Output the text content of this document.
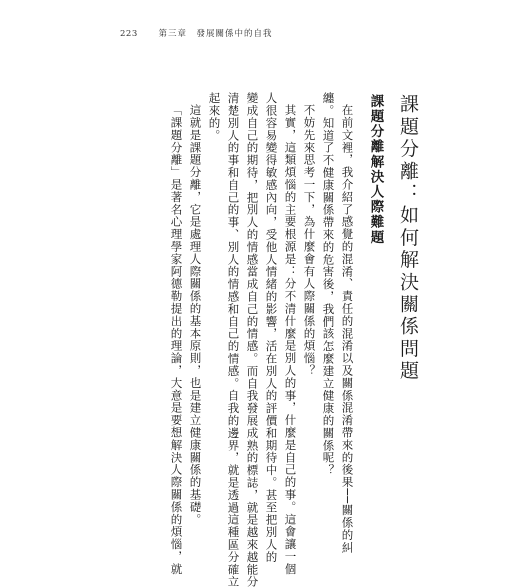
223 第三章　發展關係中的自我
課題分離：如何解決關係問題
課題分離解決人際難題
在前文裡，我介紹了感覺的混淆、責任的混淆以及關係混淆帶來的後果──關係的糾
纏。知道了不健康關係帶來的危害後，我們該怎麼建立健康的關係呢？
不妨先來思考一下，為什麼會有人際關係的煩惱？
其實，這類煩惱的主要根源是：分不清什麼是別人的事，什麼是自己的事。這會讓一個
人很容易變得敏感內向，受他人情緒的影響，活在別人的評價和期待中。甚至把別人的
變成自己的期待，把別人的情感當成自己的情感。而自我發展成熟的標誌，就是越來越能分
清楚別人的事和自己的事、別人的情感和自己的情感。自我的邊界，就是透過這種區分確立
起來的。
這就是課題分離，它是處理人際關係的基本原則，也是建立健康關係的基礎。
「課題分離」是著名心理學家阿德勒提出的理論，大意是要想解決人際關係的煩惱，就
